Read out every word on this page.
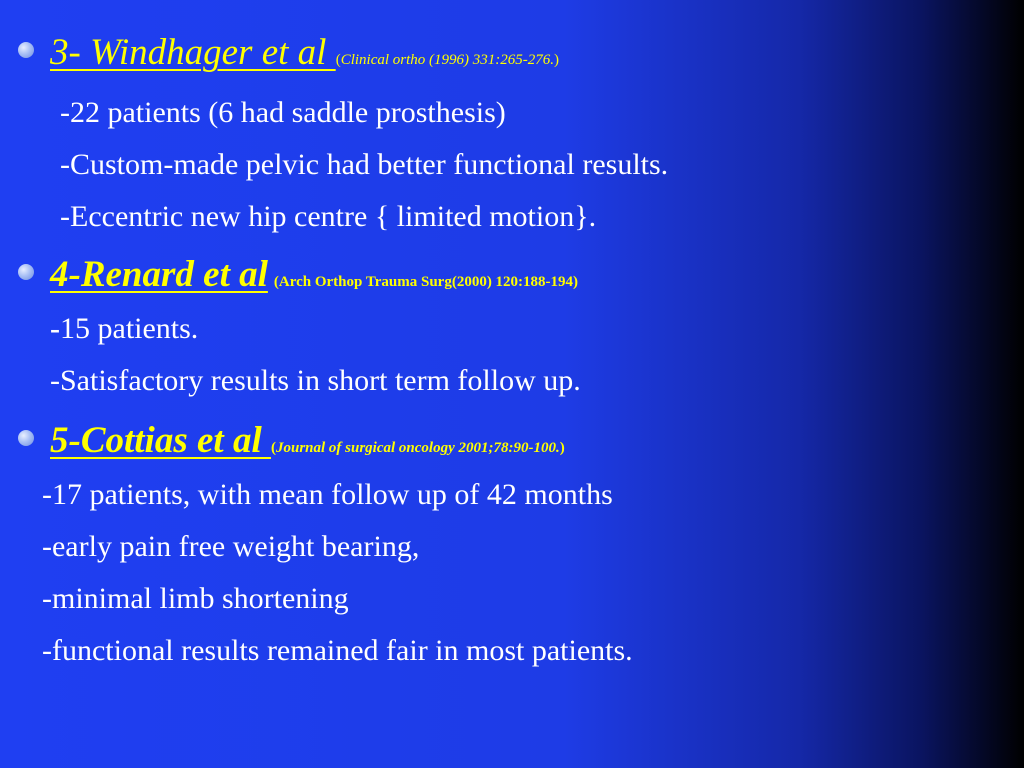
3- Windhager et al (Clinical ortho (1996) 331:265-276.)
-22 patients (6 had saddle prosthesis)
-Custom-made pelvic had better functional results.
-Eccentric new hip centre { limited motion}.
4-Renard et al (Arch Orthop Trauma Surg(2000) 120:188-194)
-15 patients.
-Satisfactory results in short term follow up.
5-Cottias et al (Journal of surgical oncology 2001;78:90-100.)
-17 patients, with mean follow up of 42 months
-early pain free weight bearing,
-minimal limb shortening
-functional results remained fair in most patients.
